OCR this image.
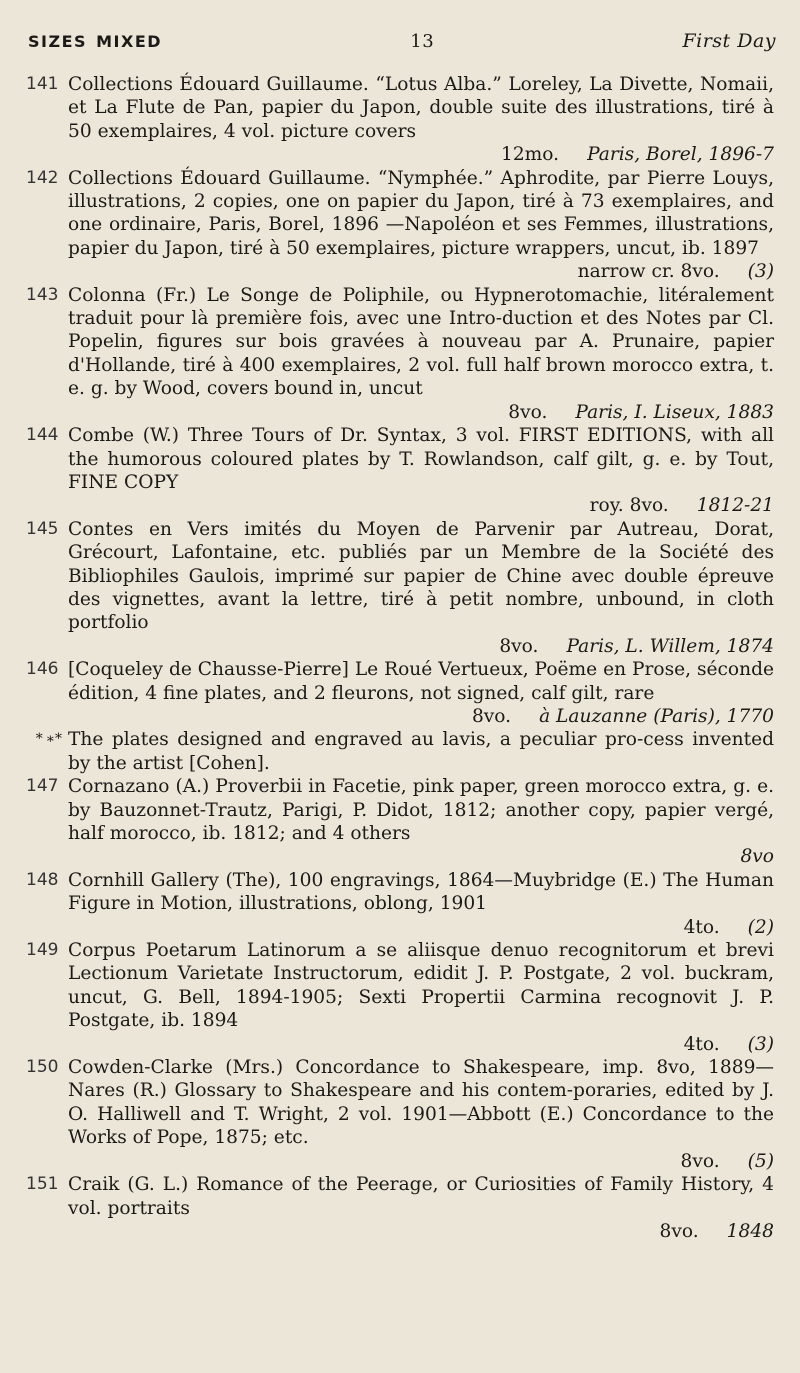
SIZES MIXED	13	First Day
141 Collections Édouard Guillaume. “Lotus Alba.” Loreley, La Divette, Nomaii, et La Flute de Pan, papier du Japon, double suite des illustrations, tiré à 50 exemplaires, 4 vol. picture covers
12mo. Paris, Borel, 1896-7
142 Collections Édouard Guillaume. “Nymphée.” Aphrodite, par Pierre Louys, illustrations, 2 copies, one on papier du Japon, tiré à 73 exemplaires, and one ordinaire, Paris, Borel, 1896 —Napoléon et ses Femmes, illustrations, papier du Japon, tiré à 50 exemplaires, picture wrappers, uncut, ib. 1897
narrow cr. 8vo. (3)
143 Colonna (Fr.) Le Songe de Poliphile, ou Hypnerotomachie, litéralement traduit pour là première fois, avec une Intro-duction et des Notes par Cl. Popelin, figures sur bois gravées à nouveau par A. Prunaire, papier d'Hollande, tiré à 400 exemplaires, 2 vol. full half brown morocco extra, t. e. g. by Wood, covers bound in, uncut
8vo. Paris, I. Liseux, 1883
144 Combe (W.) Three Tours of Dr. Syntax, 3 vol. FIRST EDITIONS, with all the humorous coloured plates by T. Rowlandson, calf gilt, g. e. by Tout, FINE COPY
roy. 8vo. 1812-21
145 Contes en Vers imités du Moyen de Parvenir par Autreau, Dorat, Grécourt, Lafontaine, etc. publiés par un Membre de la Société des Bibliophiles Gaulois, imprimé sur papier de Chine avec double épreuve des vignettes, avant la lettre, tiré à petit nombre, unbound, in cloth portfolio
8vo. Paris, L. Willem, 1874
146 [Coqueley de Chausse-Pierre] Le Roué Vertueux, Poëme en Prose, séconde édition, 4 fine plates, and 2 fleurons, not signed, calf gilt, rare
8vo. à Lauzanne (Paris), 1770
* ∗* The plates designed and engraved au lavis, a peculiar pro-cess invented by the artist [Cohen].
147 Cornazano (A.) Proverbii in Facetie, pink paper, green morocco extra, g. e. by Bauzonnet-Trautz, Parigi, P. Didot, 1812; another copy, papier vergé, half morocco, ib. 1812; and 4 others
8vo
148 Cornhill Gallery (The), 100 engravings, 1864—Muybridge (E.) The Human Figure in Motion, illustrations, oblong, 1901
4to. (2)
149 Corpus Poetarum Latinorum a se aliisque denuo recognitorum et brevi Lectionum Varietate Instructorum, edidit J. P. Postgate, 2 vol. buckram, uncut, G. Bell, 1894-1905; Sexti Propertii Carmina recognovit J. P. Postgate, ib. 1894
4to. (3)
150 Cowden-Clarke (Mrs.) Concordance to Shakespeare, imp. 8vo, 1889—Nares (R.) Glossary to Shakespeare and his contem-poraries, edited by J. O. Halliwell and T. Wright, 2 vol. 1901—Abbott (E.) Concordance to the Works of Pope, 1875; etc.
8vo. (5)
151 Craik (G. L.) Romance of the Peerage, or Curiosities of Family History, 4 vol. portraits
8vo. 1848
